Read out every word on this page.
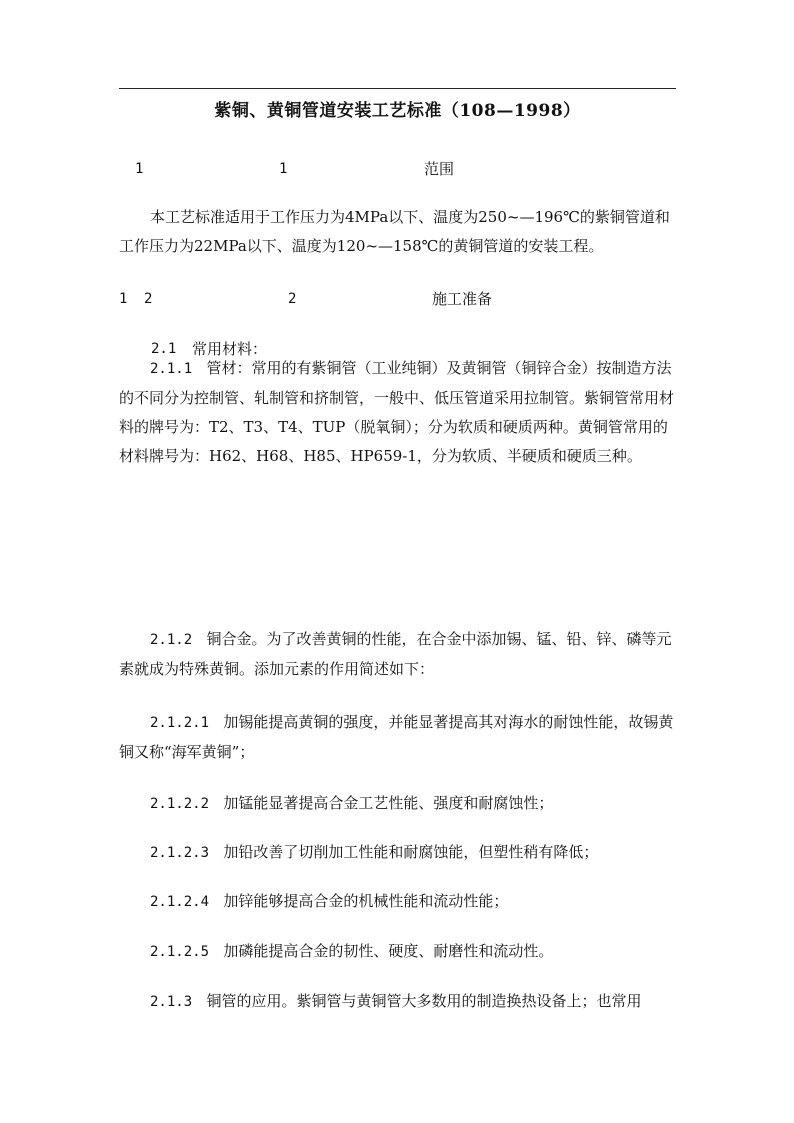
紫铜、黄铜管道安装工艺标准（108—1998）
1	1	范围
本工艺标准适用于工作压力为4MPa以下、温度为250~—196℃的紫铜管道和工作压力为22MPa以下、温度为120~—158℃的黄铜管道的安装工程。
1 2	2	施工准备
2.1 常用材料：
2.1.1 管材：常用的有紫铜管（工业纯铜）及黄铜管（铜锌合金）按制造方法的不同分为控制管、轧制管和挤制管，一般中、低压管道采用拉制管。紫铜管常用材料的牌号为：T2、T3、T4、TUP（脱氧铜）；分为软质和硬质两种。黄铜管常用的材料牌号为：H62、H68、H85、HP659-1，分为软质、半硬质和硬质三种。
2.1.2 铜合金。为了改善黄铜的性能，在合金中添加锡、锰、铅、锌、磷等元素就成为特殊黄铜。添加元素的作用简述如下：
2.1.2.1 加锡能提高黄铜的强度，并能显著提高其对海水的耐蚀性能，故锡黄铜又称“海军黄铜”；
2.1.2.2 加锰能显著提高合金工艺性能、强度和耐腐蚀性；
2.1.2.3 加铅改善了切削加工性能和耐腐蚀能，但塑性稍有降低；
2.1.2.4 加锌能够提高合金的机械性能和流动性能；
2.1.2.5 加磷能提高合金的韧性、硬度、耐磨性和流动性。
2.1.3 铜管的应用。紫铜管与黄铜管大多数用的制造换热设备上；也常用
